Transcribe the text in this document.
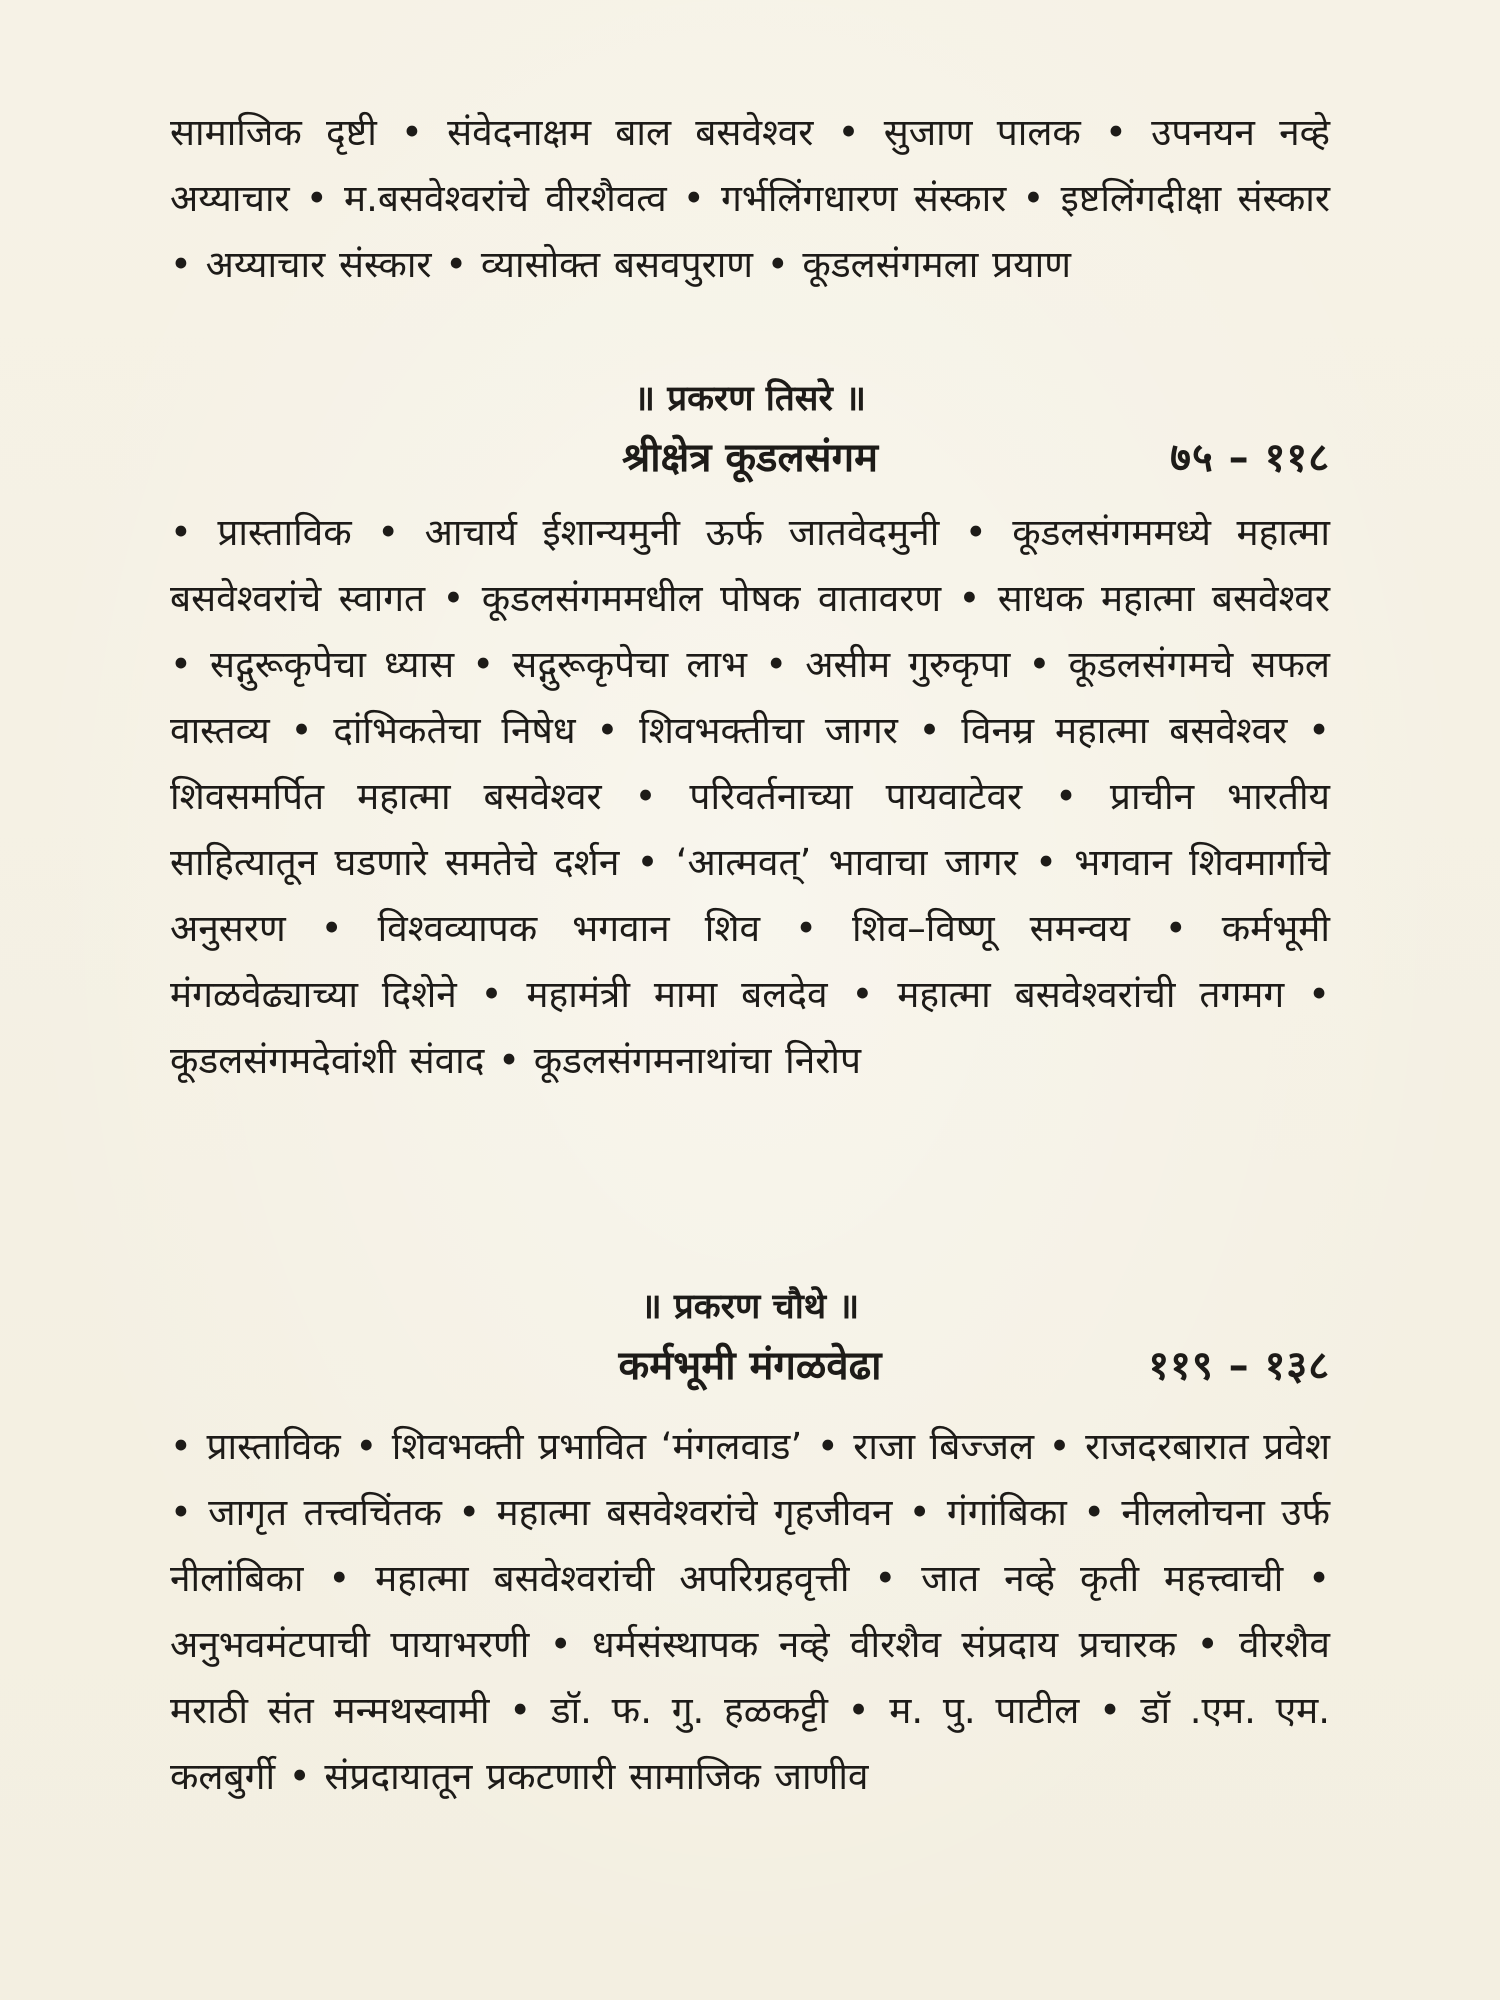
सामाजिक दृष्टी • संवेदनाक्षम बाल बसवेश्वर • सुजाण पालक • उपनयन नव्हे अय्याचार • म.बसवेश्वरांचे वीरशैवत्व • गर्भलिंगधारण संस्कार • इष्टलिंगदीक्षा संस्कार • अय्याचार संस्कार • व्यासोक्त बसवपुराण • कूडलसंगमला प्रयाण

॥ प्रकरण तिसरे ॥

श्रीक्षेत्र कूडलसंगम	७५ – ११८

• प्रास्ताविक • आचार्य ईशान्यमुनी ऊर्फ जातवेदमुनी • कूडलसंगममध्ये महात्मा बसवेश्वरांचे स्वागत • कूडलसंगममधील पोषक वातावरण • साधक महात्मा बसवेश्वर • सद्गुरूकृपेचा ध्यास • सद्गुरूकृपेचा लाभ • असीम गुरुकृपा • कूडलसंगमचे सफल वास्तव्य • दांभिकतेचा निषेध • शिवभक्तीचा जागर • विनम्र महात्मा बसवेश्वर • शिवसमर्पित महात्मा बसवेश्वर • परिवर्तनाच्या पायवाटेवर • प्राचीन भारतीय साहित्यातून घडणारे समतेचे दर्शन • ‘आत्मवत्’ भावाचा जागर • भगवान शिवमार्गाचे अनुसरण • विश्वव्यापक भगवान शिव • शिव–विष्णू समन्वय • कर्मभूमी मंगळवेढ्याच्या दिशेने • महामंत्री मामा बलदेव • महात्मा बसवेश्वरांची तगमग • कूडलसंगमदेवांशी संवाद • कूडलसंगमनाथांचा निरोप

॥ प्रकरण चौथे ॥

कर्मभूमी मंगळवेढा	११९ – १३८

• प्रास्ताविक • शिवभक्ती प्रभावित ‘मंगलवाड’ • राजा बिज्जल • राजदरबारात प्रवेश • जागृत तत्त्वचिंतक • महात्मा बसवेश्वरांचे गृहजीवन • गंगांबिका • नीललोचना उर्फ नीलांबिका • महात्मा बसवेश्वरांची अपरिग्रहवृत्ती • जात नव्हे कृती महत्त्वाची • अनुभवमंटपाची पायाभरणी • धर्मसंस्थापक नव्हे वीरशैव संप्रदाय प्रचारक • वीरशैव मराठी संत मन्मथस्वामी • डॉ. फ. गु. हळकट्टी • म. पु. पाटील • डॉ .एम. एम. कलबुर्गी • संप्रदायातून प्रकटणारी सामाजिक जाणीव
